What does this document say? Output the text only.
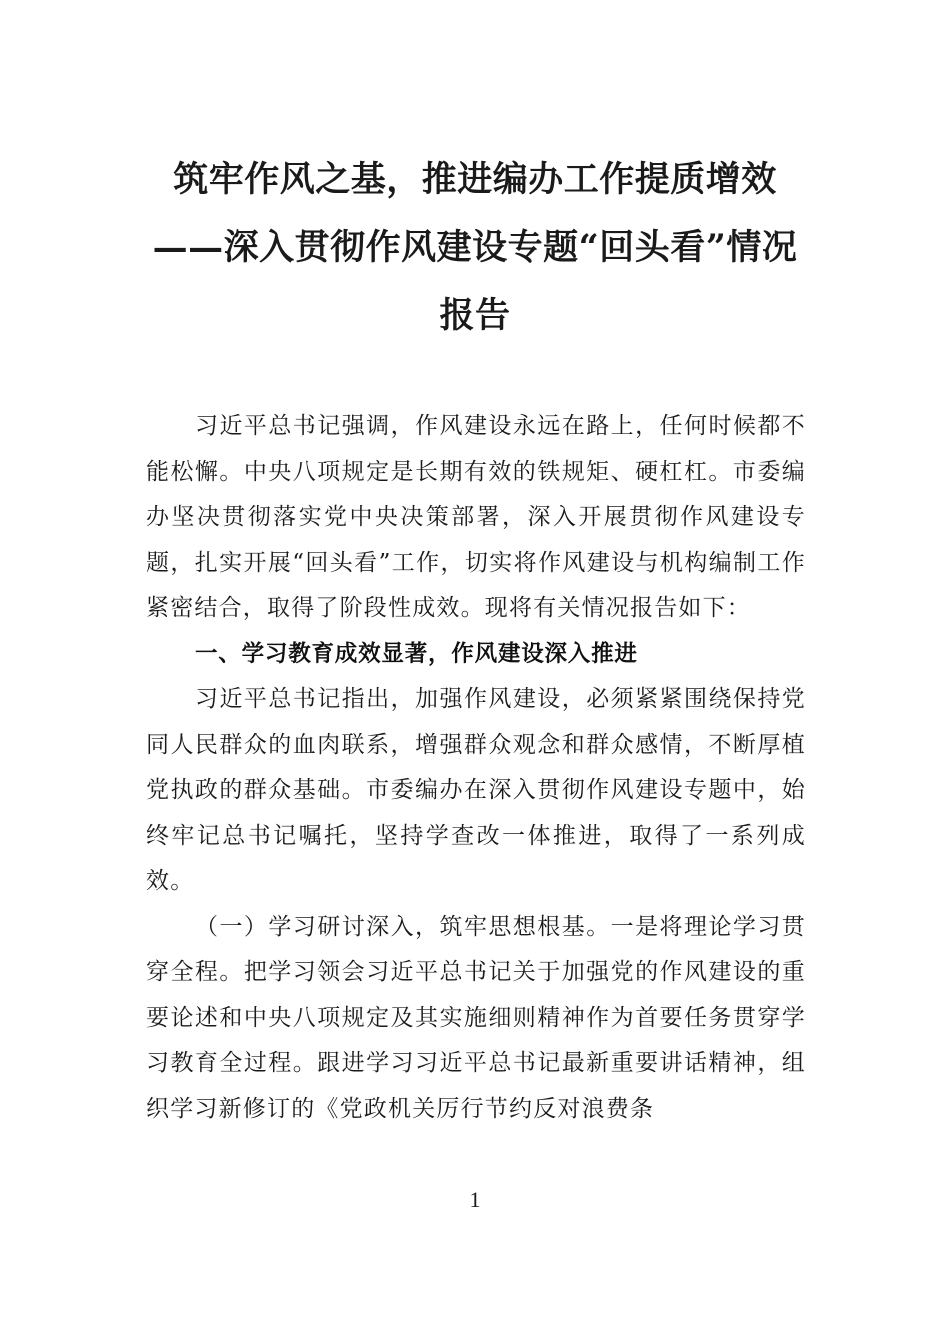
筑牢作风之基，推进编办工作提质增效——深入贯彻作风建设专题“回头看”情况报告

习近平总书记强调，作风建设永远在路上，任何时候都不能松懈。中央八项规定是长期有效的铁规矩、硬杠杠。市委编办坚决贯彻落实党中央决策部署，深入开展贯彻作风建设专题，扎实开展“回头看”工作，切实将作风建设与机构编制工作紧密结合，取得了阶段性成效。现将有关情况报告如下：

一、学习教育成效显著，作风建设深入推进

习近平总书记指出，加强作风建设，必须紧紧围绕保持党同人民群众的血肉联系，增强群众观念和群众感情，不断厚植党执政的群众基础。市委编办在深入贯彻作风建设专题中，始终牢记总书记嘱托，坚持学查改一体推进，取得了一系列成效。

（一）学习研讨深入，筑牢思想根基。一是将理论学习贯穿全程。把学习领会习近平总书记关于加强党的作风建设的重要论述和中央八项规定及其实施细则精神作为首要任务贯穿学习教育全过程。跟进学习习近平总书记最新重要讲话精神，组织学习新修订的《党政机关厉行节约反对浪费条

1
